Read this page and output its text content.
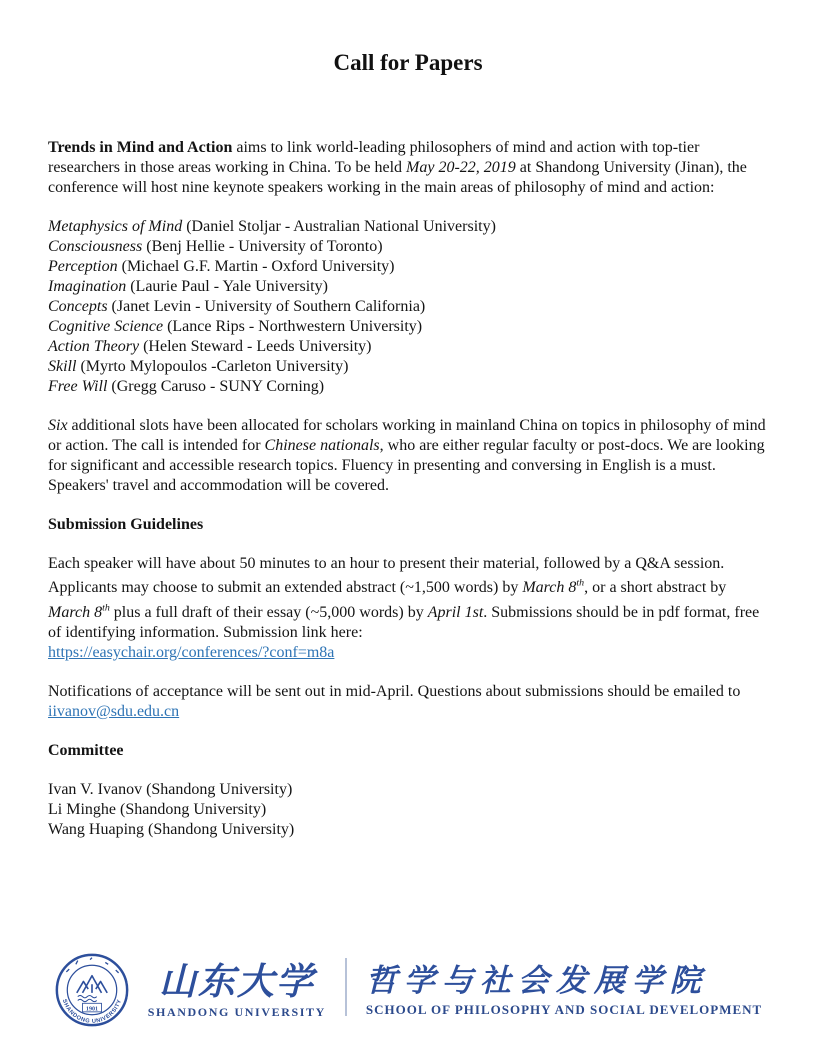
Call for Papers

Trends in Mind and Action aims to link world-leading philosophers of mind and action with top-tier researchers in those areas working in China. To be held May 20-22, 2019 at Shandong University (Jinan), the conference will host nine keynote speakers working in the main areas of philosophy of mind and action:

Metaphysics of Mind (Daniel Stoljar - Australian National University)
Consciousness (Benj Hellie - University of Toronto)
Perception (Michael G.F. Martin - Oxford University)
Imagination (Laurie Paul - Yale University)
Concepts (Janet Levin - University of Southern California)
Cognitive Science (Lance Rips - Northwestern University)
Action Theory (Helen Steward - Leeds University)
Skill (Myrto Mylopoulos -Carleton University)
Free Will (Gregg Caruso - SUNY Corning)

Six additional slots have been allocated for scholars working in mainland China on topics in philosophy of mind or action. The call is intended for Chinese nationals, who are either regular faculty or post-docs. We are looking for significant and accessible research topics. Fluency in presenting and conversing in English is a must. Speakers' travel and accommodation will be covered.

Submission Guidelines

Each speaker will have about 50 minutes to an hour to present their material, followed by a Q&A session. Applicants may choose to submit an extended abstract (~1,500 words) by March 8th, or a short abstract by March 8th plus a full draft of their essay (~5,000 words) by April 1st. Submissions should be in pdf format, free of identifying information. Submission link here:
https://easychair.org/conferences/?conf=m8a

Notifications of acceptance will be sent out in mid-April. Questions about submissions should be emailed to iivanov@sdu.edu.cn

Committee

Ivan V. Ivanov (Shandong University)
Li Minghe (Shandong University)
Wang Huaping (Shandong University)
1901
SHANDONG UNIVERSITY 山东大学
SHANDONG UNIVERSITY
哲学与社会发展学院
SCHOOL OF PHILOSOPHY AND SOCIAL DEVELOPMENT
